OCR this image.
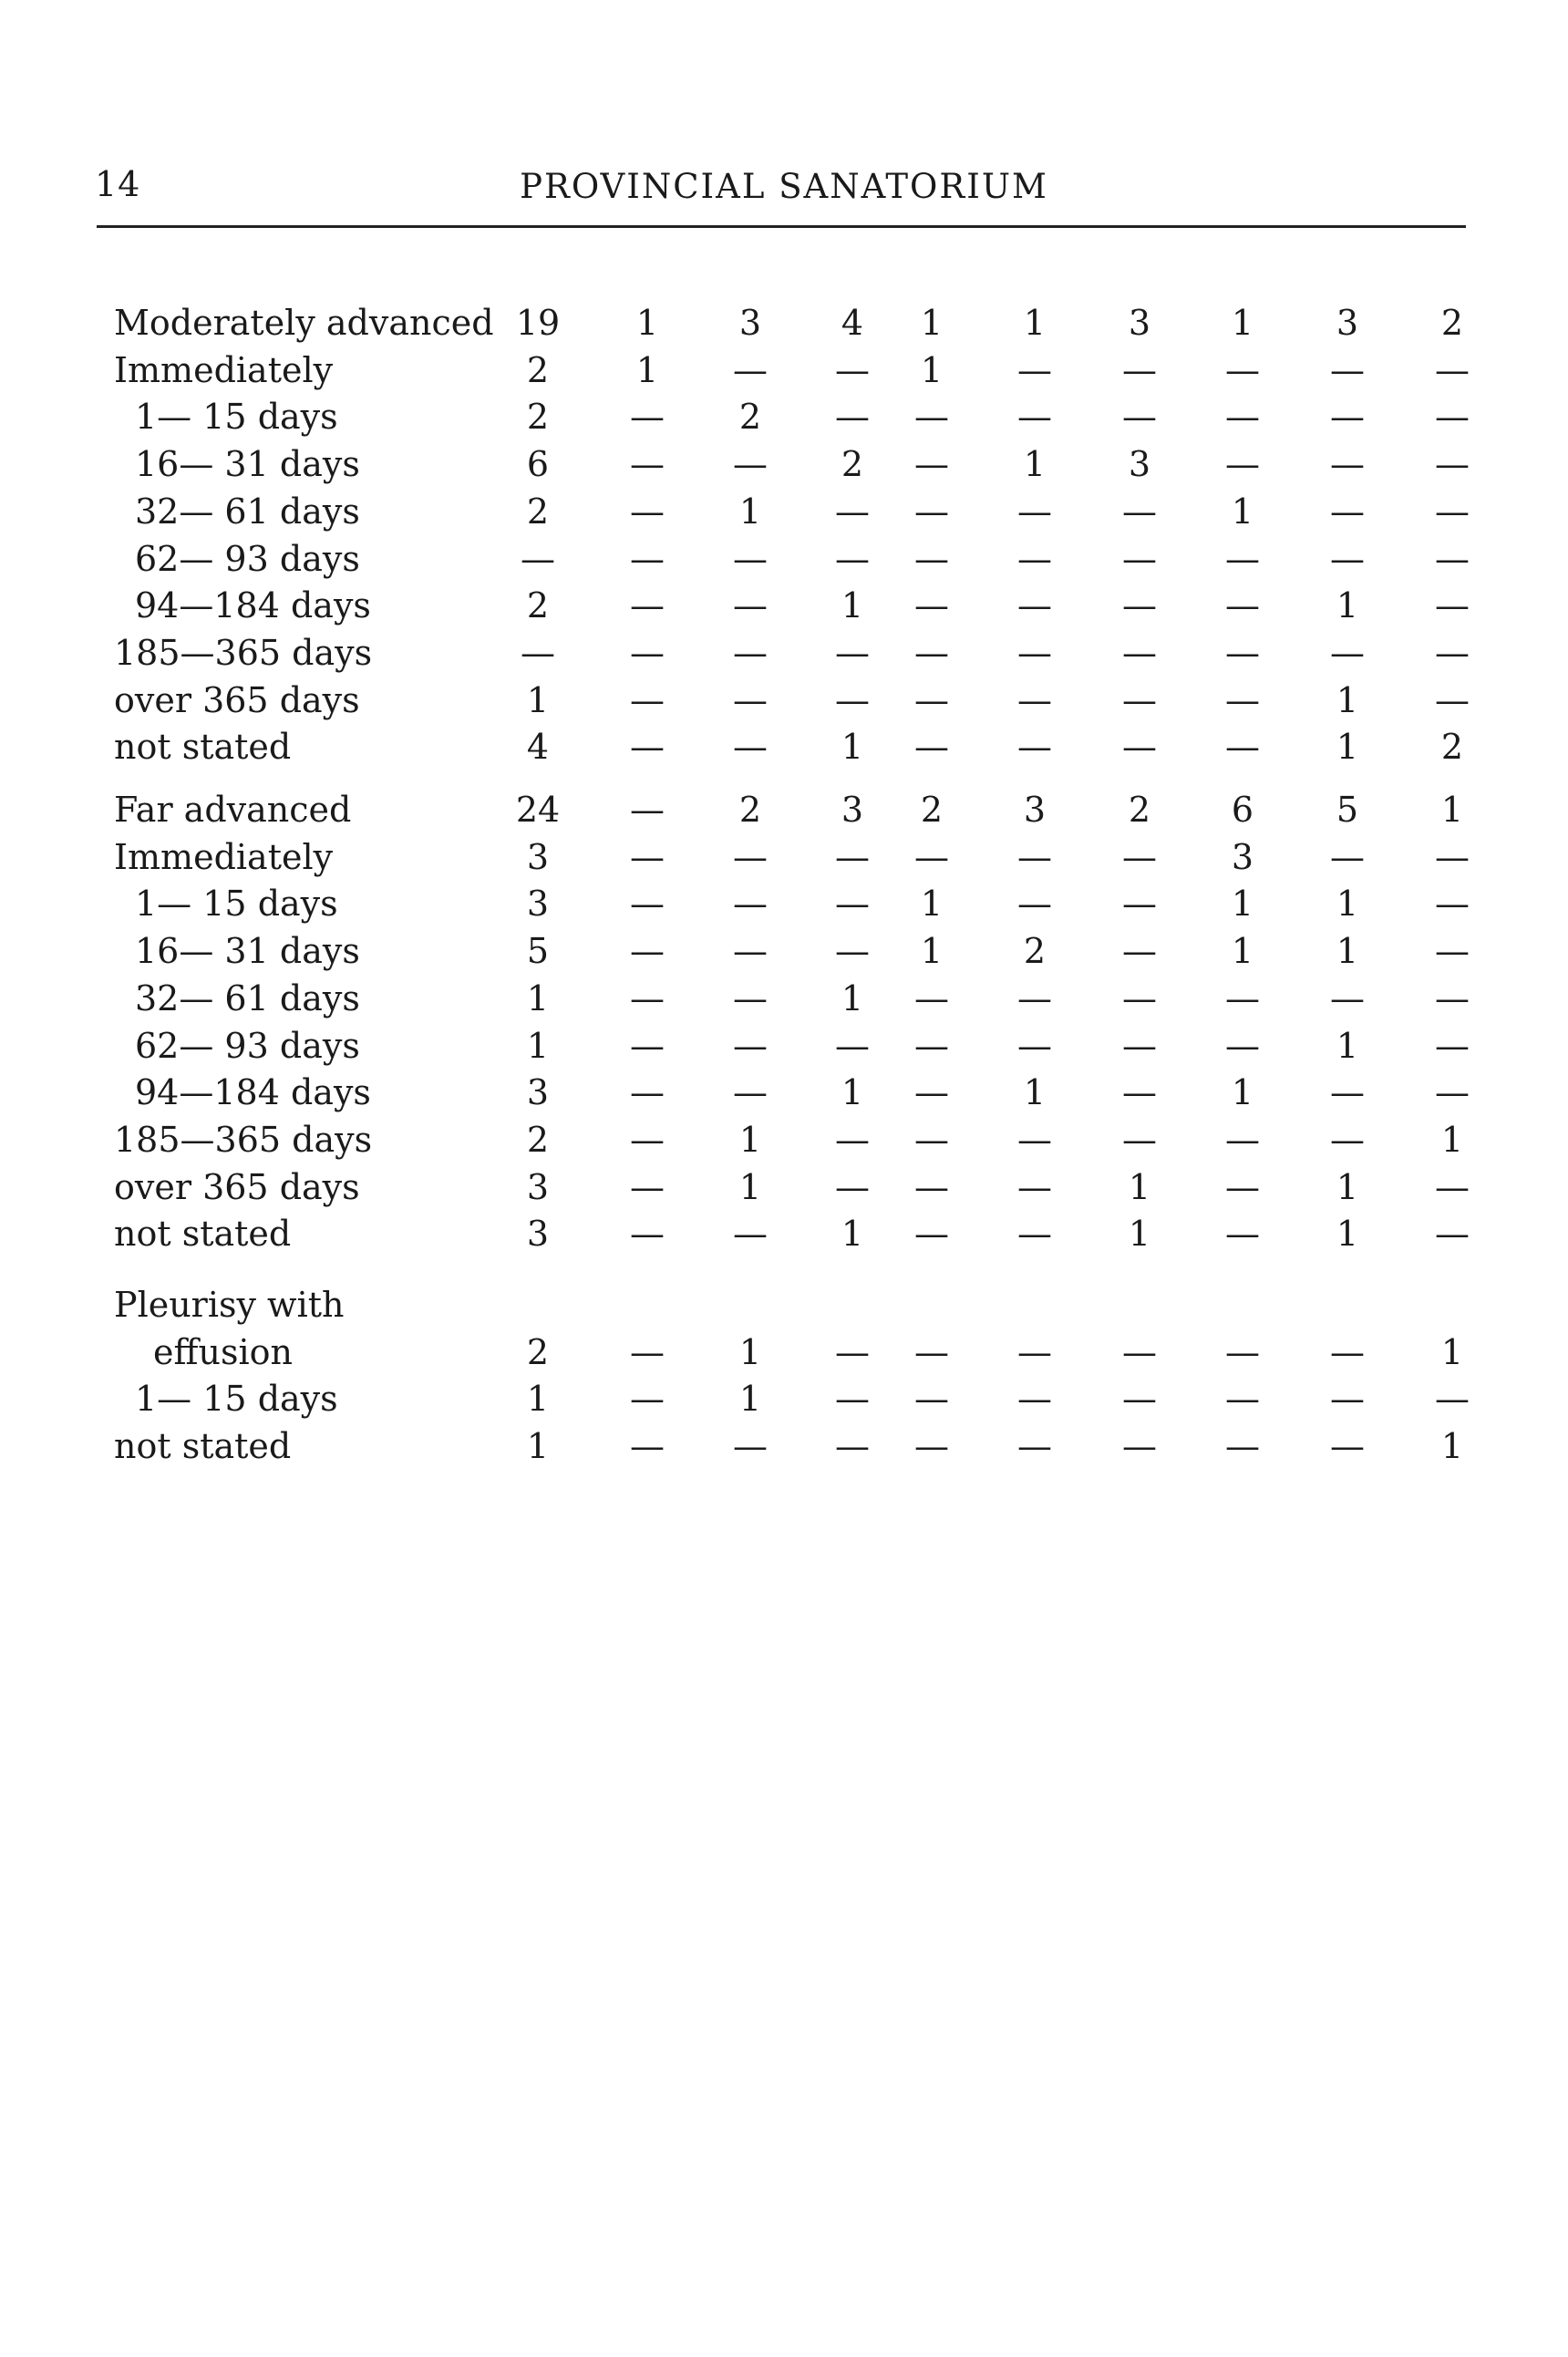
14	PROVINCIAL SANATORIUM
Moderately advanced 19	1	3	4	1	1	3	1	3	2
Immediately	2	1	—	—	1	—	—	—	—	—
1— 15 days	2	—	2	—	—	—	—	—	—	—
16— 31 days	6	—	—	2	—	1	3	—	—	—
32— 61 days	2	—	1	—	—	—	—	1	—	—
62— 93 days	—	—	—	—	—	—	—	—	—	—
94—184 days	2	—	—	1	—	—	—	—	1	—
185—365 days	—	—	—	—	—	—	—	—	—	—
over 365 days	1	—	—	—	—	—	—	—	1	—
not stated	4	—	—	1	—	—	—	—	1	2
Far advanced	24	—	2	3	2	3	2	6	5	1
Immediately	3	—	—	—	—	—	—	3	—	—
1— 15 days	3	—	—	—	1	—	—	1	1	—
16— 31 days	5	—	—	—	1	2	—	1	1	—
32— 61 days	1	—	—	1	—	—	—	—	—	—
62— 93 days	1	—	—	—	—	—	—	—	1	—
94—184 days	3	—	—	1	—	1	—	1	—	—
185—365 days	2	—	1	—	—	—	—	—	—	1
over 365 days	3	—	1	—	—	—	1	—	1	—
not stated	3	—	—	1	—	—	1	—	1	—
Pleurisy with
effusion	2	—	1	—	—	—	—	—	—	1
1— 15 days	1	—	1	—	—	—	—	—	—	—
not stated	1	—	—	—	—	—	—	—	—	1
